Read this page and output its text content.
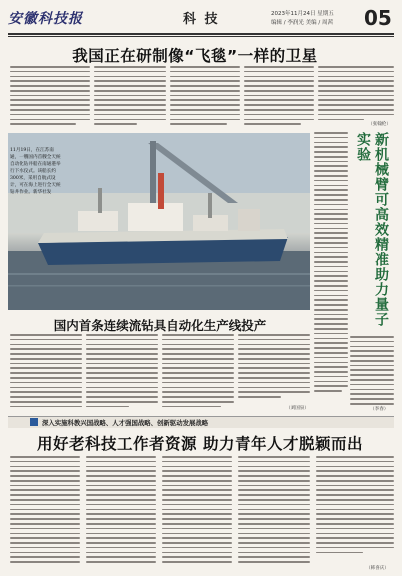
安徽科技报	科 技	2023年11月24日 星期五
编辑 / 李润光 美编 / 周茜 05
我国正在研制像“飞毯”一样的卫星
（张翰伦）
11月19日，在江苏南通，一艘国内首艘全天候自动化钻井船在南通港举行下水仪式。该船长约300米，采用自航式设计，可在海上进行全天候钻井作业。新华社发	新机械臂可高效精准助力量子实验
（李春）
国内首条连续流钻具自动化生产线投产
（刘国泉）
深入实施科教兴国战略、人才强国战略、创新驱动发展战略
用好老科技工作者资源 助力青年人才脱颖而出
（韩喜庆）
